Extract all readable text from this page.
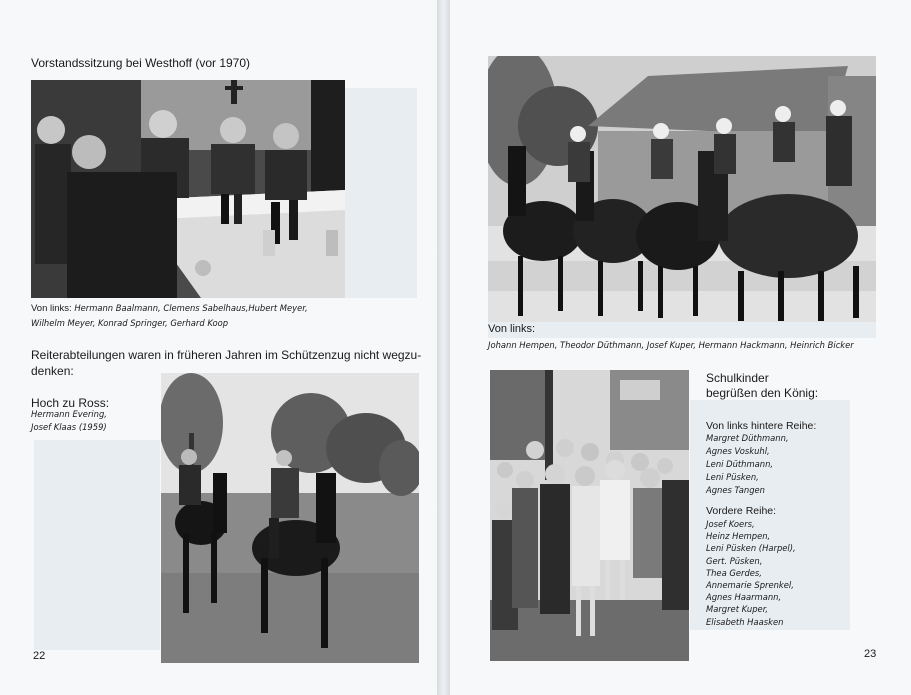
Vorstandssitzung bei Westhoff (vor 1970)
Von links: Hermann Baalmann, Clemens Sabelhaus,Hubert Meyer,
Wilhelm Meyer, Konrad Springer, Gerhard Koop
Reiterabteilungen waren in früheren Jahren im Schützenzug nicht wegzu-
denken:
Hoch zu Ross:
Hermann Evering,
Josef Klaas (1959)
22
Von links:
Johann Hempen, Theodor Düthmann, Josef Kuper, Hermann Hackmann, Heinrich Bicker
Schulkinder
begrüßen den König:
Von links hintere Reihe:
Margret Düthmann,
Agnes Voskuhl,
Leni Düthmann,
Leni Püsken,
Agnes Tangen
Vordere Reihe:
Josef Koers,
Heinz Hempen,
Leni Püsken (Harpel),
Gert. Püsken,
Thea Gerdes,
Annemarie Sprenkel,
Agnes Haarmann,
Margret Kuper,
Elisabeth Haasken
23
